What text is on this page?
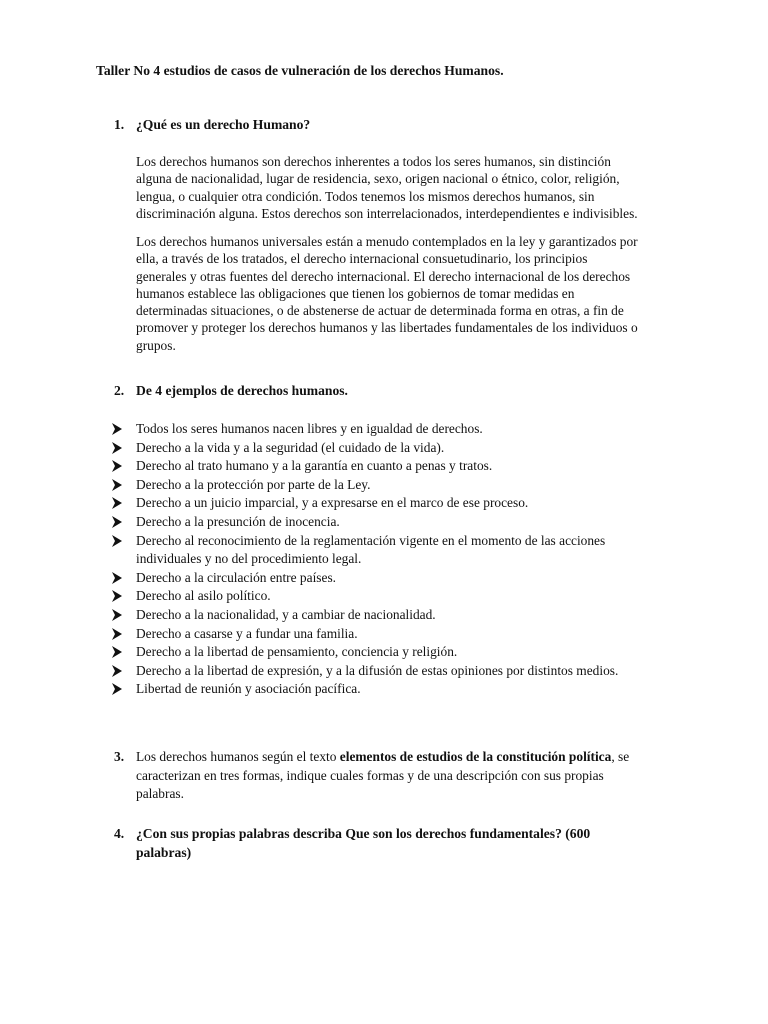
Taller No 4 estudios de casos de vulneración de los derechos Humanos.
1. ¿Qué es un derecho Humano?
Los derechos humanos son derechos inherentes a todos los seres humanos, sin distinción
alguna de nacionalidad, lugar de residencia, sexo, origen nacional o étnico, color, religión,
lengua, o cualquier otra condición. Todos tenemos los mismos derechos humanos, sin
discriminación alguna. Estos derechos son interrelacionados, interdependientes e indivisibles.
Los derechos humanos universales están a menudo contemplados en la ley y garantizados por
ella, a través de los tratados, el derecho internacional consuetudinario, los principios
generales y otras fuentes del derecho internacional. El derecho internacional de los derechos
humanos establece las obligaciones que tienen los gobiernos de tomar medidas en
determinadas situaciones, o de abstenerse de actuar de determinada forma en otras, a fin de
promover y proteger los derechos humanos y las libertades fundamentales de los individuos o
grupos.
2. De 4 ejemplos de derechos humanos.
Todos los seres humanos nacen libres y en igualdad de derechos.
Derecho a la vida y a la seguridad (el cuidado de la vida).
Derecho al trato humano y a la garantía en cuanto a penas y tratos.
Derecho a la protección por parte de la Ley.
Derecho a un juicio imparcial, y a expresarse en el marco de ese proceso.
Derecho a la presunción de inocencia.
Derecho al reconocimiento de la reglamentación vigente en el momento de las acciones
individuales y no del procedimiento legal.
Derecho a la circulación entre países.
Derecho al asilo político.
Derecho a la nacionalidad, y a cambiar de nacionalidad.
Derecho a casarse y a fundar una familia.
Derecho a la libertad de pensamiento, conciencia y religión.
Derecho a la libertad de expresión, y a la difusión de estas opiniones por distintos medios.
Libertad de reunión y asociación pacífica.
3. Los derechos humanos según el texto elementos de estudios de la constitución política, se
caracterizan en tres formas, indique cuales formas y de una descripción con sus propias
palabras.
4. ¿Con sus propias palabras describa Que son los derechos fundamentales? (600
palabras)
